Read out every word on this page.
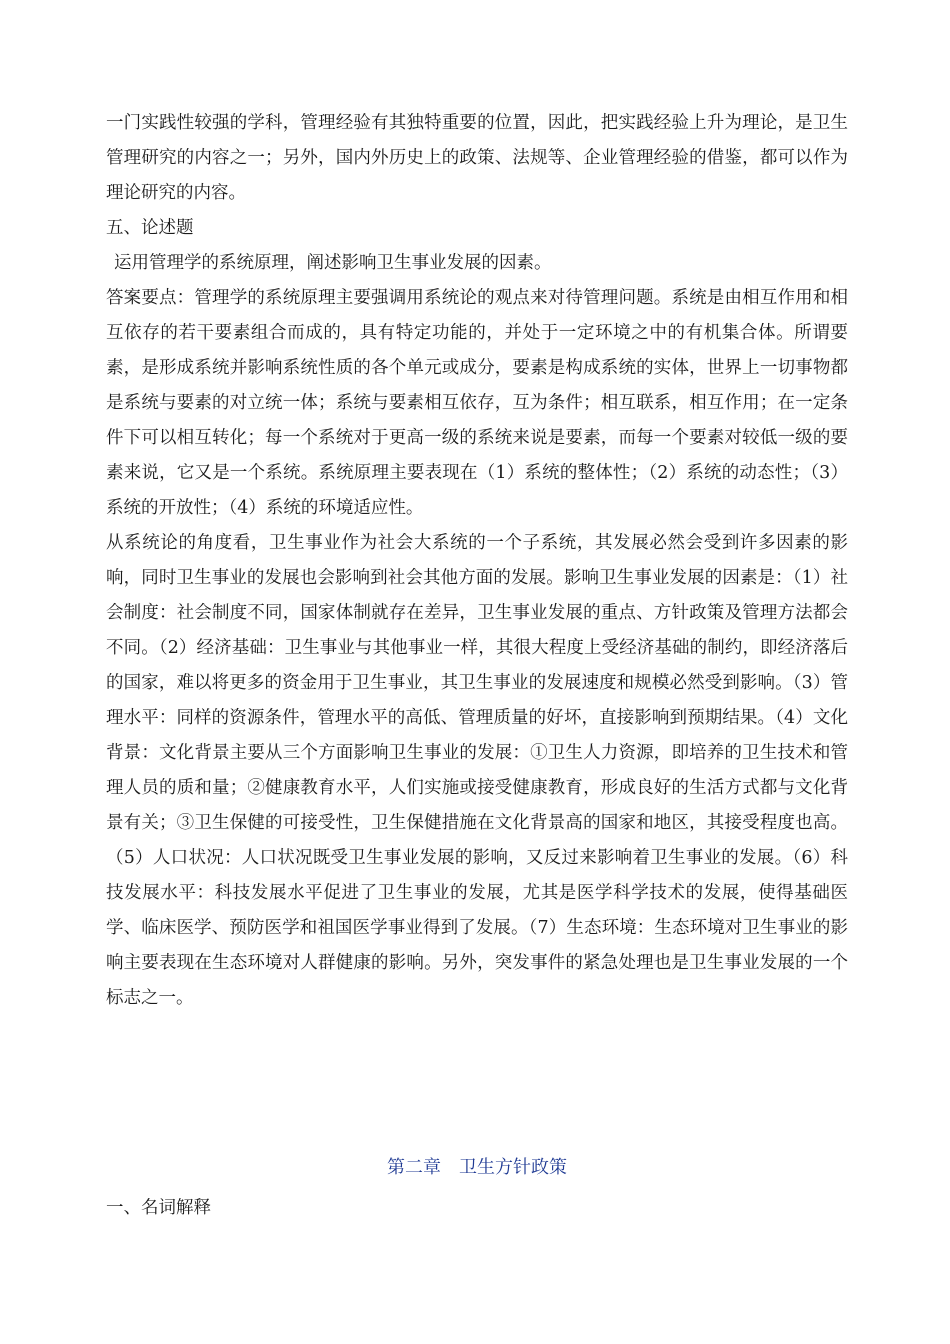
一门实践性较强的学科，管理经验有其独特重要的位置，因此，把实践经验上升为理论，是卫生管理研究的内容之一；另外，国内外历史上的政策、法规等、企业管理经验的借鉴，都可以作为理论研究的内容。

五、论述题

运用管理学的系统原理，阐述影响卫生事业发展的因素。

答案要点：管理学的系统原理主要强调用系统论的观点来对待管理问题。系统是由相互作用和相互依存的若干要素组合而成的，具有特定功能的，并处于一定环境之中的有机集合体。所谓要素，是形成系统并影响系统性质的各个单元或成分，要素是构成系统的实体，世界上一切事物都是系统与要素的对立统一体；系统与要素相互依存，互为条件；相互联系，相互作用；在一定条件下可以相互转化；每一个系统对于更高一级的系统来说是要素，而每一个要素对较低一级的要素来说，它又是一个系统。系统原理主要表现在（1）系统的整体性；（2）系统的动态性；（3）系统的开放性；（4）系统的环境适应性。

从系统论的角度看，卫生事业作为社会大系统的一个子系统，其发展必然会受到许多因素的影响，同时卫生事业的发展也会影响到社会其他方面的发展。影响卫生事业发展的因素是：（1）社会制度：社会制度不同，国家体制就存在差异，卫生事业发展的重点、方针政策及管理方法都会不同。（2）经济基础：卫生事业与其他事业一样，其很大程度上受经济基础的制约，即经济落后的国家，难以将更多的资金用于卫生事业，其卫生事业的发展速度和规模必然受到影响。（3）管理水平：同样的资源条件，管理水平的高低、管理质量的好坏，直接影响到预期结果。（4）文化背景：文化背景主要从三个方面影响卫生事业的发展：①卫生人力资源，即培养的卫生技术和管理人员的质和量；②健康教育水平，人们实施或接受健康教育，形成良好的生活方式都与文化背景有关；③卫生保健的可接受性，卫生保健措施在文化背景高的国家和地区，其接受程度也高。（5）人口状况：人口状况既受卫生事业发展的影响，又反过来影响着卫生事业的发展。（6）科技发展水平：科技发展水平促进了卫生事业的发展，尤其是医学科学技术的发展，使得基础医学、临床医学、预防医学和祖国医学事业得到了发展。（7）生态环境：生态环境对卫生事业的影响主要表现在生态环境对人群健康的影响。另外，突发事件的紧急处理也是卫生事业发展的一个标志之一。

第二章　卫生方针政策
一、名词解释
